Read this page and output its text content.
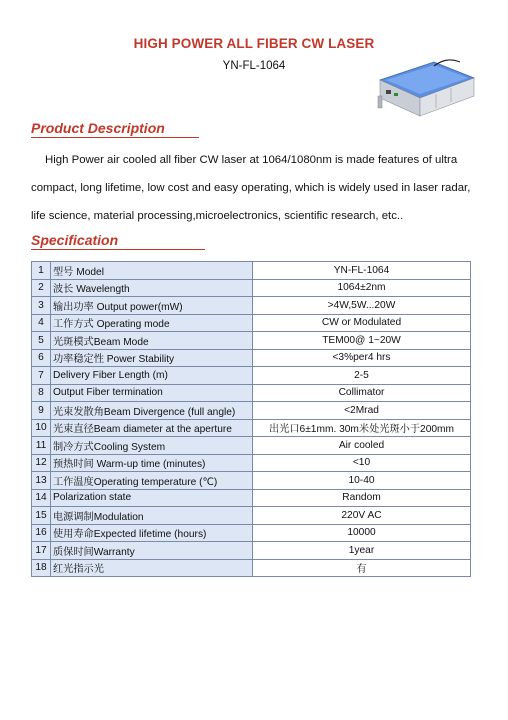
HIGH POWER ALL FIBER CW LASER
YN-FL-1064
Product Description

High Power air cooled all fiber CW laser at 1064/1080nm is made features of ultra compact, long lifetime, low cost and easy operating, which is widely used in laser radar, life science, material processing,microelectronics, scientific research, etc..

Specification
1	型号 Model	YN-FL-1064
2	波长 Wavelength	1064±2nm
3	输出功率 Output power(mW)	>4W,5W...20W
4	工作方式 Operating mode	CW or Modulated
5	光斑模式Beam Mode	TEM00@ 1~20W
6	功率稳定性 Power Stability	<3%per4 hrs
7	Delivery Fiber Length (m)	2-5
8	Output Fiber termination	Collimator
9	光束发散角Beam Divergence (full angle)	<2Mrad
10	光束直径Beam diameter at the aperture	出光口6±1mm. 30m米处光斑小于200mm
11	制冷方式Cooling System	Air cooled
12	预热时间 Warm-up time (minutes)	<10
13	工作温度Operating temperature (℃)	10-40
14	Polarization state	Random
15	电源调制Modulation	220V AC
16	使用寿命Expected lifetime (hours)	10000
17	质保时间Warranty	1year
18	红光指示光	有
